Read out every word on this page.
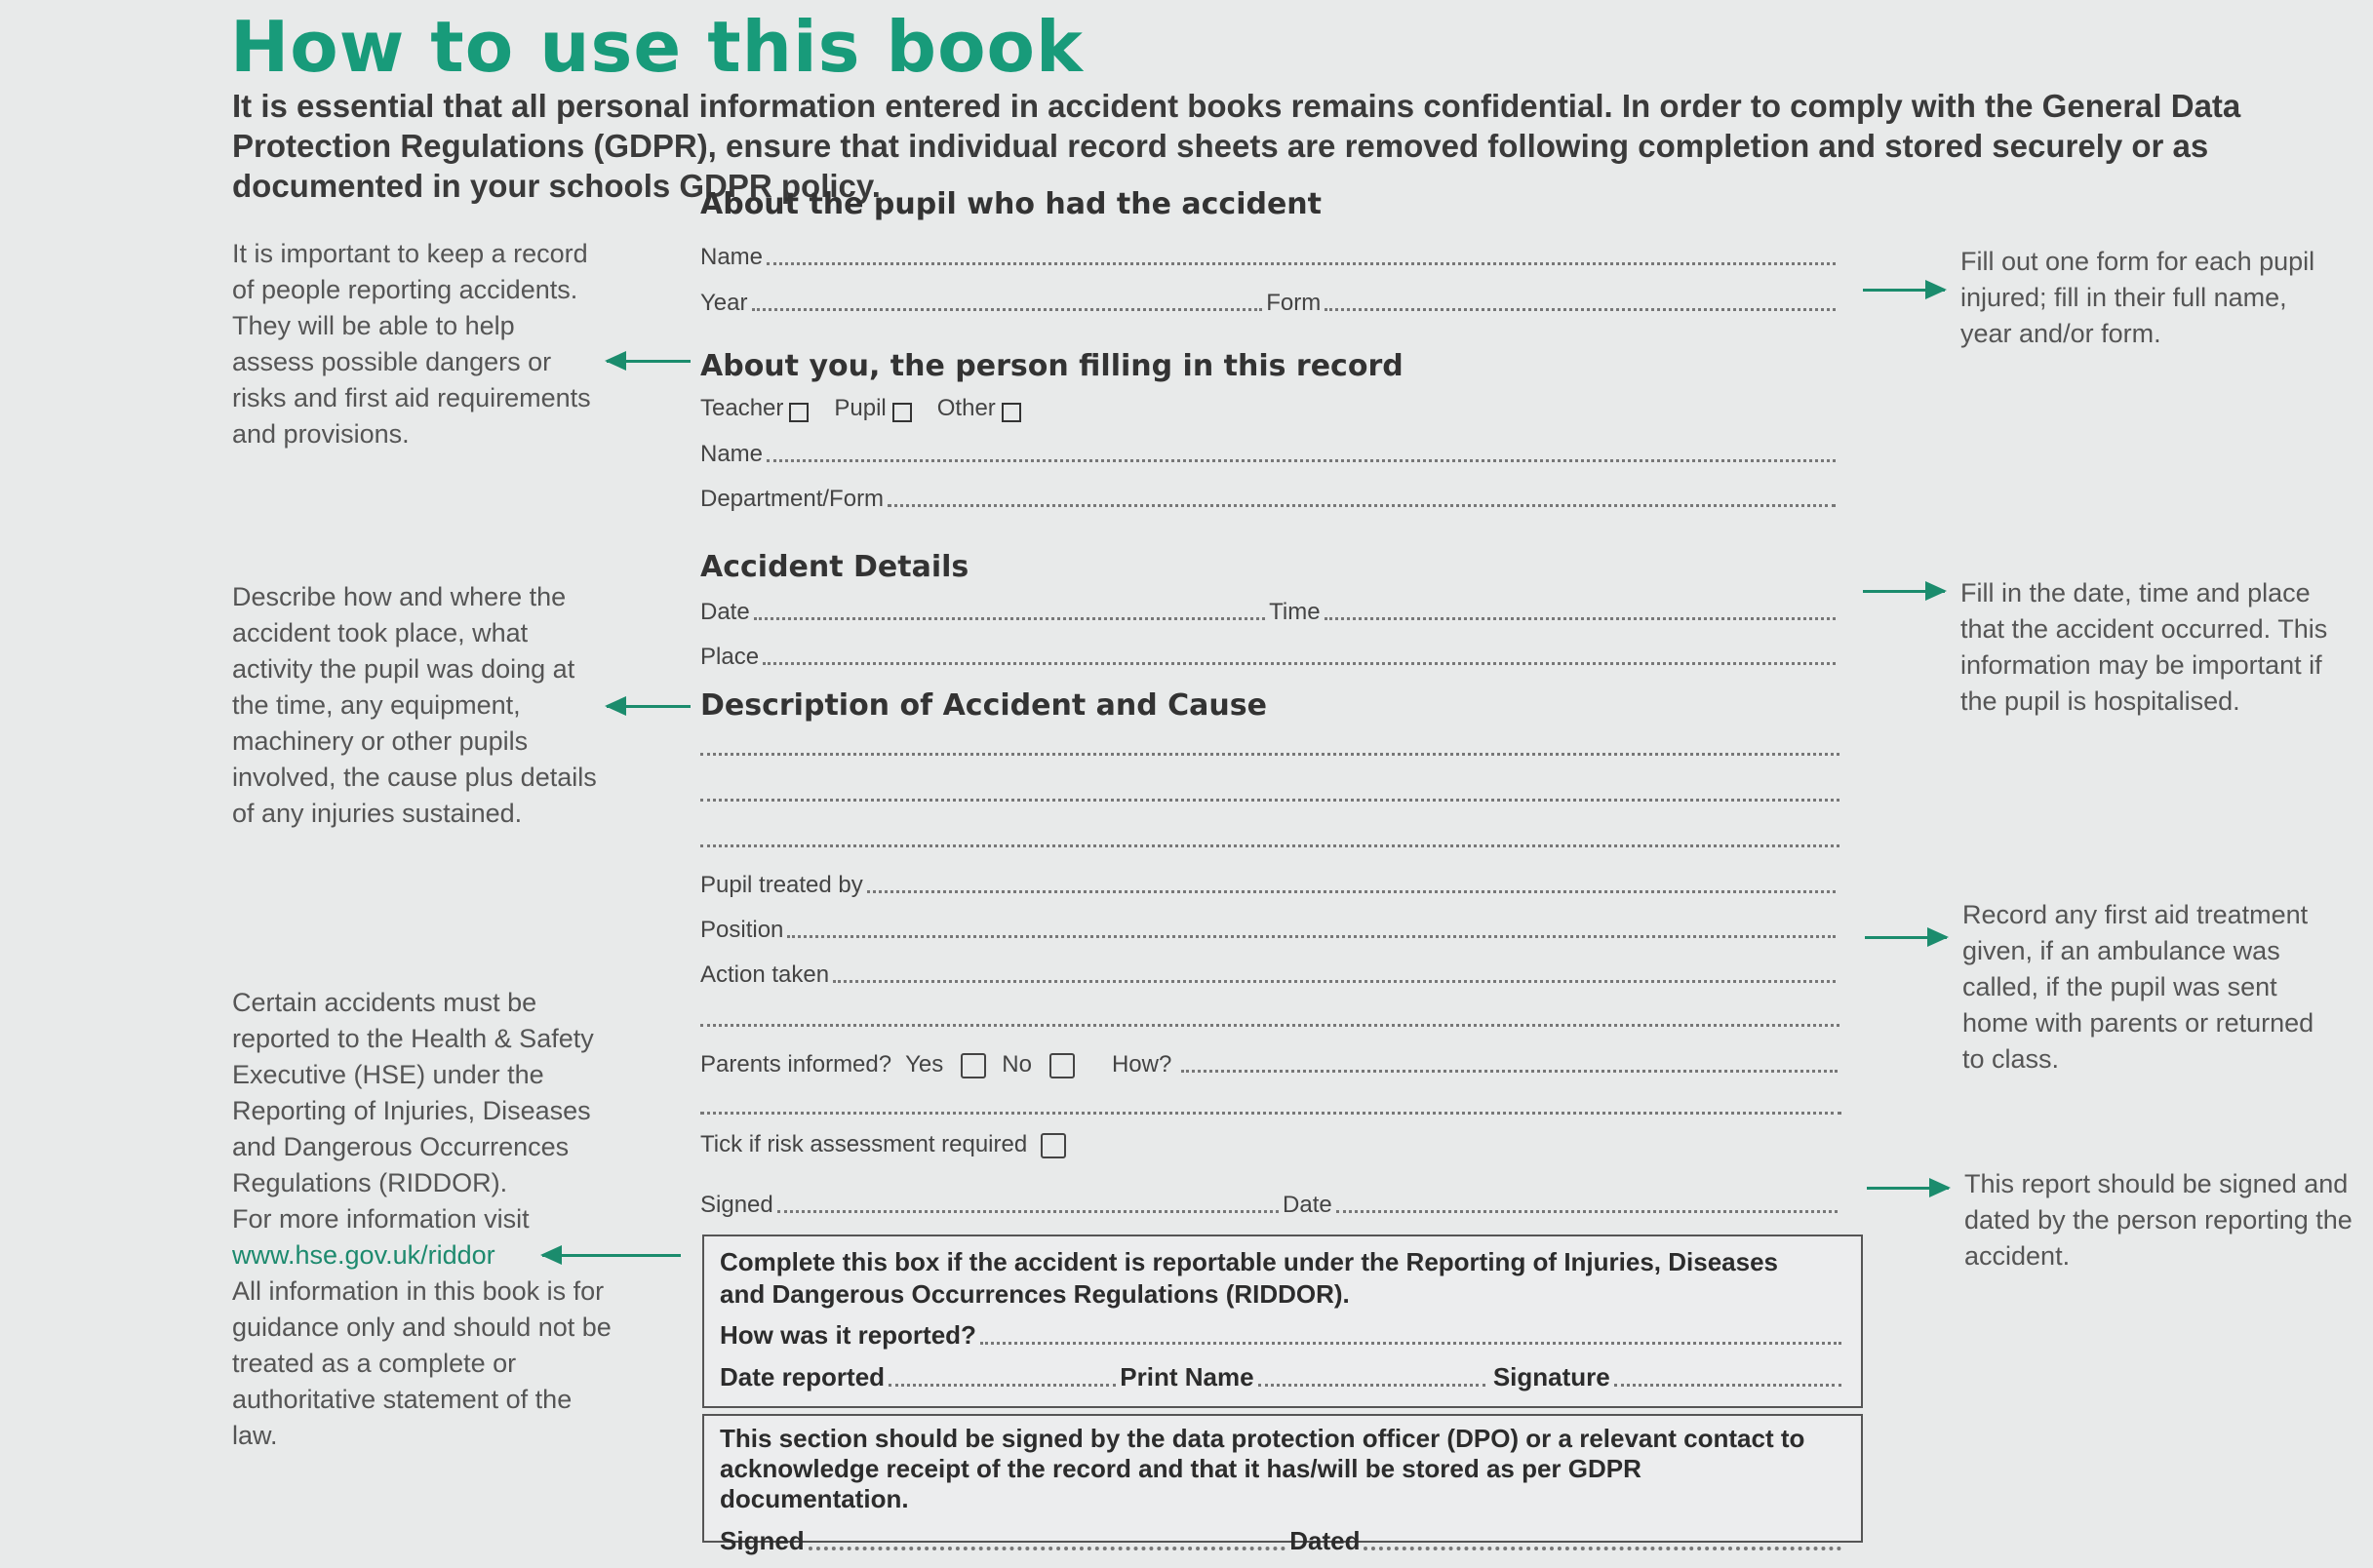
How to use this book
It is essential that all personal information entered in accident books remains confidential. In order to comply with the General Data Protection Regulations (GDPR), ensure that individual record sheets are removed following completion and stored securely or as documented in your schools GDPR policy.
It is important to keep a record of people reporting accidents. They will be able to help assess possible dangers or risks and first aid requirements and provisions.
Describe how and where the accident took place, what activity the pupil was doing at the time, any equipment, machinery or other pupils involved, the cause plus details of any injuries sustained.
Certain accidents must be reported to the Health & Safety Executive (HSE) under the Reporting of Injuries, Diseases and Dangerous Occurrences Regulations (RIDDOR).
For more information visit
www.hse.gov.uk/riddor
All information in this book is for guidance only and should not be treated as a complete or authoritative statement of the law.
Fill out one form for each pupil injured; fill in their full name, year and/or form.
Fill in the date, time and place that the accident occurred. This information may be important if the pupil is hospitalised.
Record any first aid treatment given, if an ambulance was called, if the pupil was sent home with parents or returned to class.
This report should be signed and dated by the person reporting the accident.
About the pupil who had the accident
Name
Year	Form
About you, the person filling in this record
Teacher Pupil Other
Name
Department/Form
Accident Details
Date	Time
Place
Description of Accident and Cause
Pupil treated by
Position
Action taken
Parents informed? Yes	No	How?
Tick if risk assessment required
Signed	Date
Complete this box if the accident is reportable under the Reporting of Injuries, Diseases and Dangerous Occurrences Regulations (RIDDOR).
How was it reported?
Date reported	Print Name	Signature
This section should be signed by the data protection officer (DPO) or a relevant contact to acknowledge receipt of the record and that it has/will be stored as per GDPR documentation.
Signed	Dated
